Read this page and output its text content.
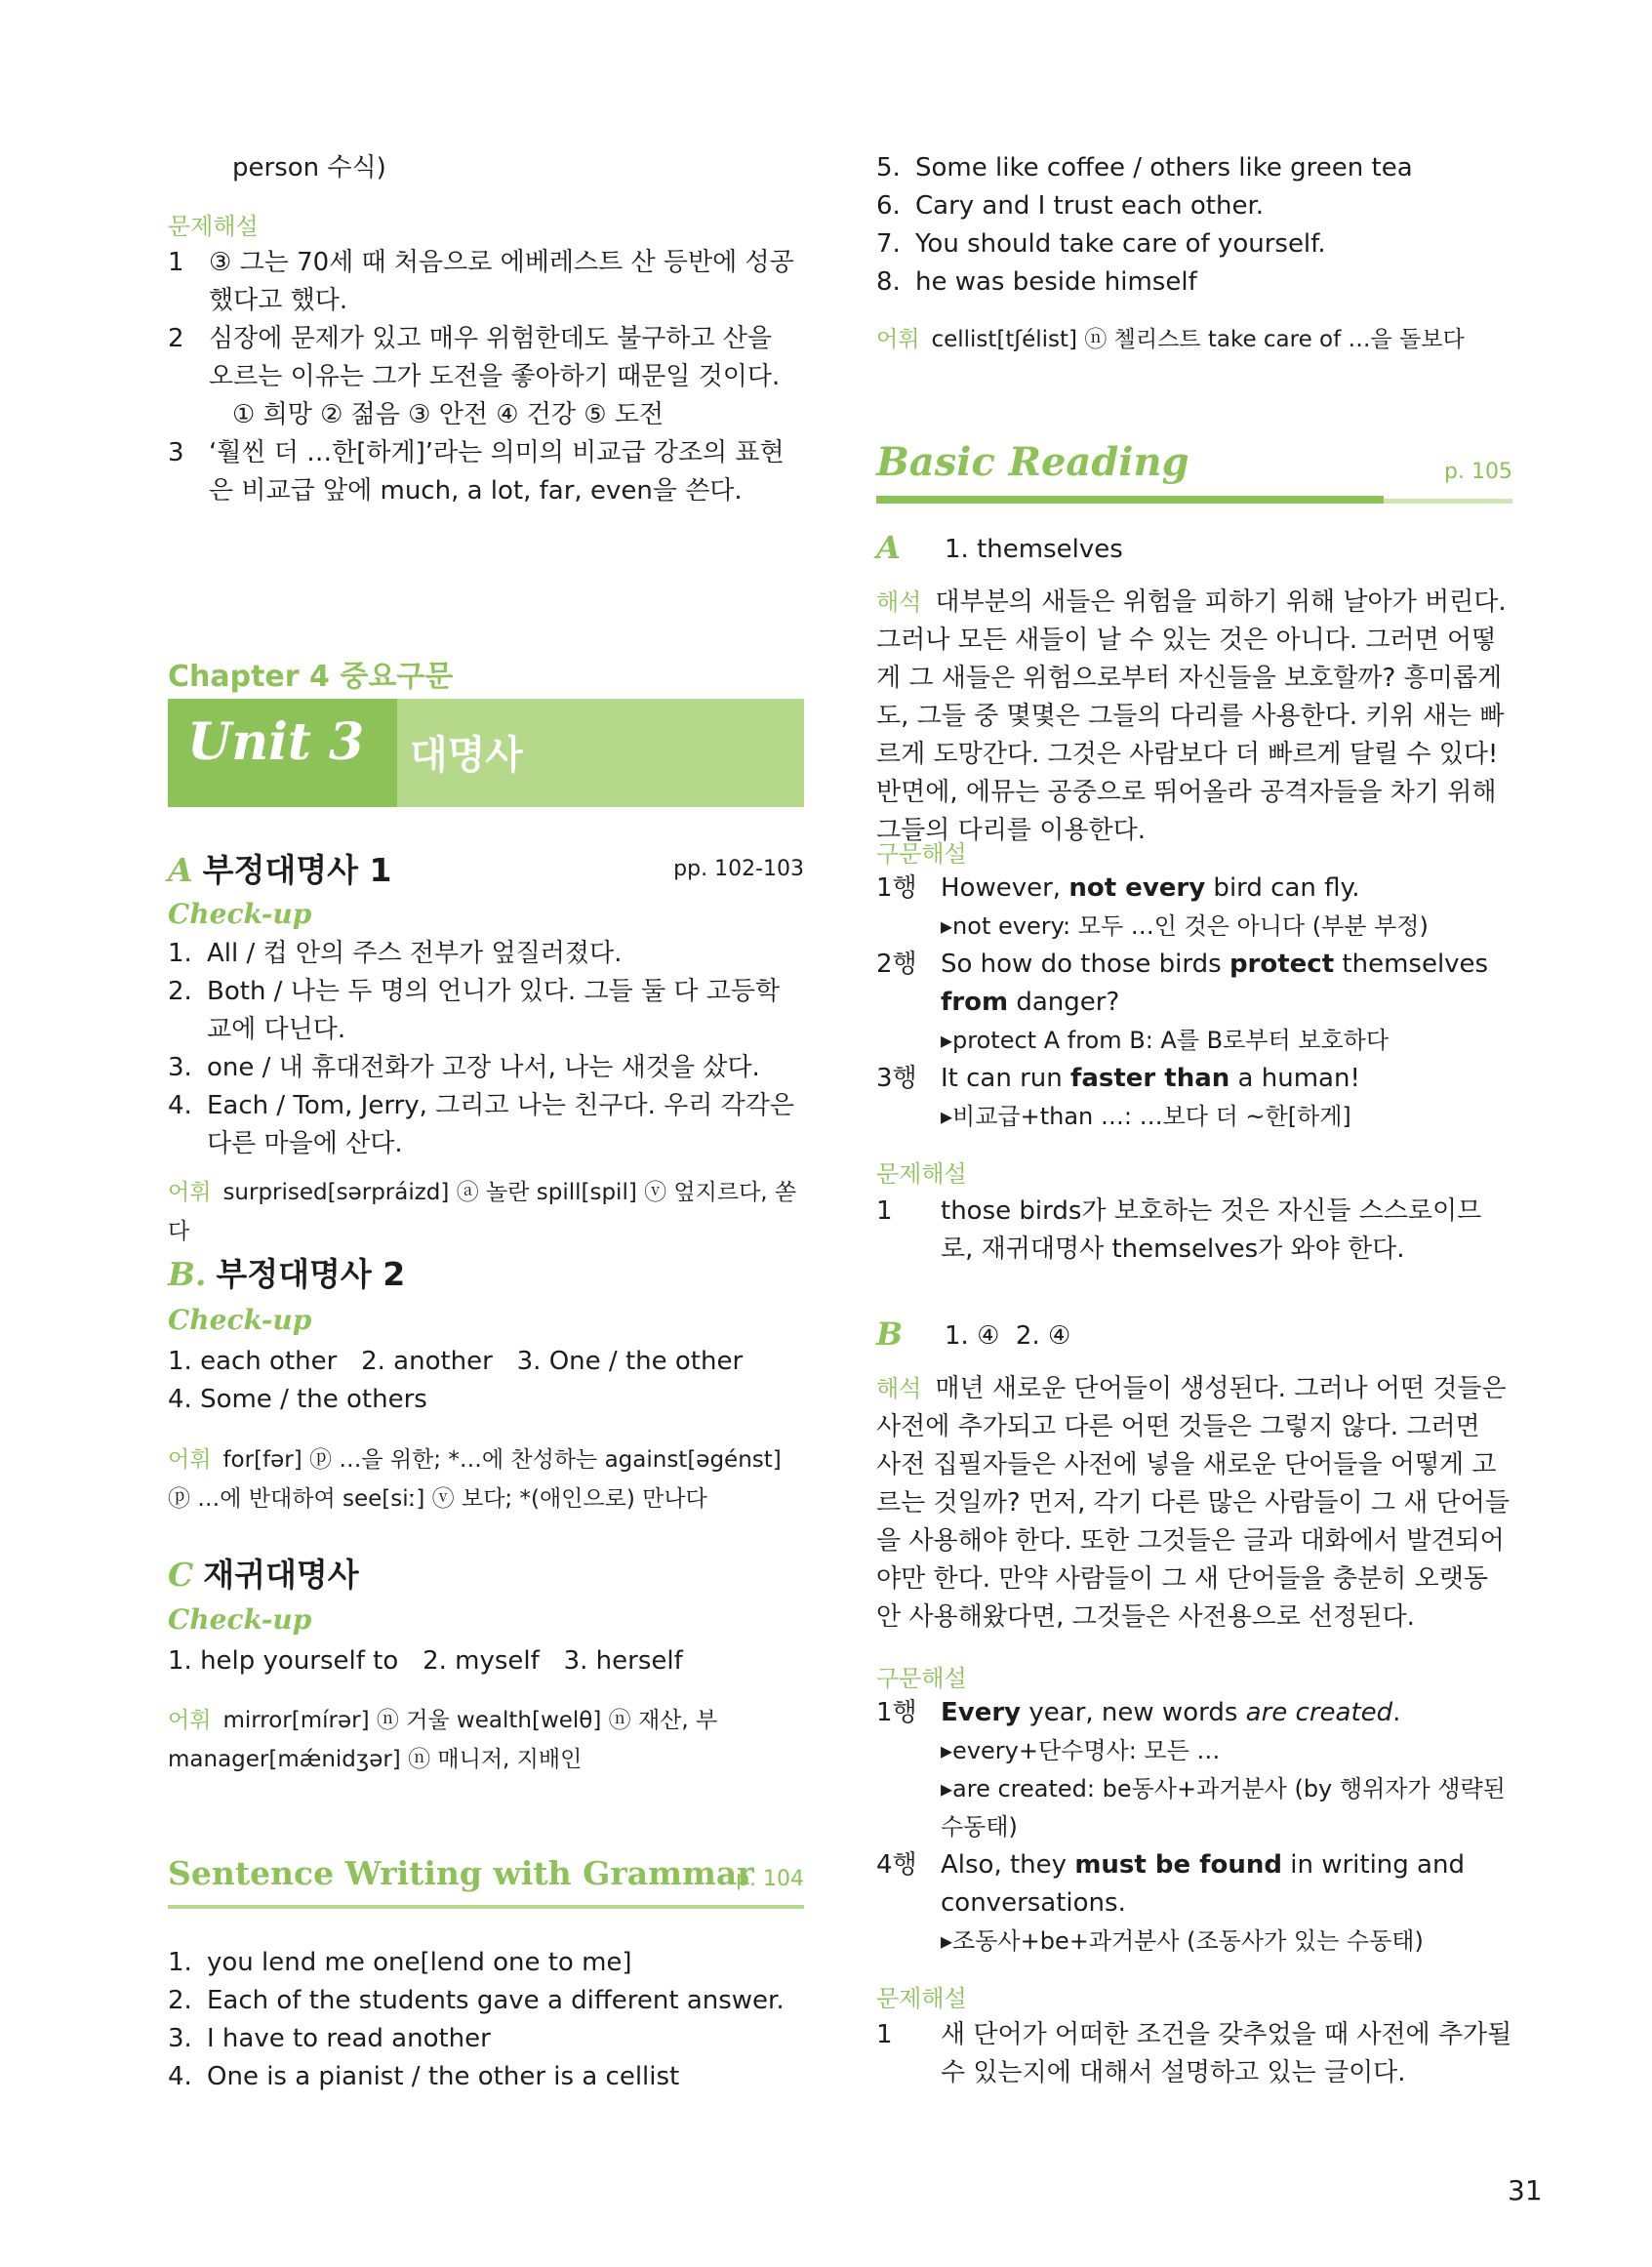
person 수식)
문제해설
1 ③ 그는 70세 때 처음으로 에베레스트 산 등반에 성공했다고 했다.
2 심장에 문제가 있고 매우 위험한데도 불구하고 산을 오르는 이유는 그가 도전을 좋아하기 때문일 것이다.
① 희망 ② 젊음 ③ 안전 ④ 건강 ⑤ 도전
3 ‘훨씬 더 …한[하게]’라는 의미의 비교급 강조의 표현은 비교급 앞에 much, a lot, far, even을 쓴다.
Chapter 4 중요구문
Unit 3 대명사
A 부정대명사 1	pp. 102-103
Check-up
1. All / 컵 안의 주스 전부가 엎질러졌다.
2. Both / 나는 두 명의 언니가 있다. 그들 둘 다 고등학교에 다닌다.
3. one / 내 휴대전화가 고장 나서, 나는 새것을 샀다.
4. Each / Tom, Jerry, 그리고 나는 친구다. 우리 각각은 다른 마을에 산다.
어휘 surprised[sərpráizd] ⓐ 놀란 spill[spil] ⓥ 엎지르다, 쏟다
B. 부정대명사 2
Check-up
1. each other   2. another   3. One / the other
4. Some / the others
어휘 for[fər] ⓟ …을 위한; *…에 찬성하는 against[əgénst]
ⓟ …에 반대하여 see[siː] ⓥ 보다; *(애인으로) 만나다
C 재귀대명사
Check-up
1. help yourself to   2. myself   3. herself
어휘 mirror[mírər] ⓝ 거울 wealth[welθ] ⓝ 재산, 부
manager[mǽnidʒər] ⓝ 매니저, 지배인
Sentence Writing with Grammar
p. 104
1. you lend me one[lend one to me]
2. Each of the students gave a different answer.
3. I have to read another
4. One is a pianist / the other is a cellist
5. Some like coffee / others like green tea
6. Cary and I trust each other.
7. You should take care of yourself.
8. he was beside himself
어휘 cellist[tʃélist] ⓝ 첼리스트 take care of …을 돌보다
Basic Reading	p. 105
A 1. themselves
해석 대부분의 새들은 위험을 피하기 위해 날아가 버린다. 그러나 모든 새들이 날 수 있는 것은 아니다. 그러면 어떻게 그 새들은 위험으로부터 자신들을 보호할까? 흥미롭게도, 그들 중 몇몇은 그들의 다리를 사용한다. 키위 새는 빠르게 도망간다. 그것은 사람보다 더 빠르게 달릴 수 있다! 반면에, 에뮤는 공중으로 뛰어올라 공격자들을 차기 위해 그들의 다리를 이용한다.
구문해설
1행 However, not every bird can fly.
▸not every: 모두 …인 것은 아니다 (부분 부정)
2행 So how do those birds protect themselves
from danger?
▸protect A from B: A를 B로부터 보호하다
3행 It can run faster than a human!
▸비교급+than …: …보다 더 ~한[하게]
문제해설
1 those birds가 보호하는 것은 자신들 스스로이므로, 재귀대명사 themselves가 와야 한다.
B 1. ④  2. ④
해석 매년 새로운 단어들이 생성된다. 그러나 어떤 것들은 사전에 추가되고 다른 어떤 것들은 그렇지 않다. 그러면 사전 집필자들은 사전에 넣을 새로운 단어들을 어떻게 고르는 것일까? 먼저, 각기 다른 많은 사람들이 그 새 단어들을 사용해야 한다. 또한 그것들은 글과 대화에서 발견되어야만 한다. 만약 사람들이 그 새 단어들을 충분히 오랫동안 사용해왔다면, 그것들은 사전용으로 선정된다.
구문해설
1행 Every year, new words are created.
▸every+단수명사: 모든 …
▸are created: be동사+과거분사 (by 행위자가 생략된 수동태)
4행 Also, they must be found in writing and conversations.
▸조동사+be+과거분사 (조동사가 있는 수동태)
문제해설
1 새 단어가 어떠한 조건을 갖추었을 때 사전에 추가될 수 있는지에 대해서 설명하고 있는 글이다.
31
